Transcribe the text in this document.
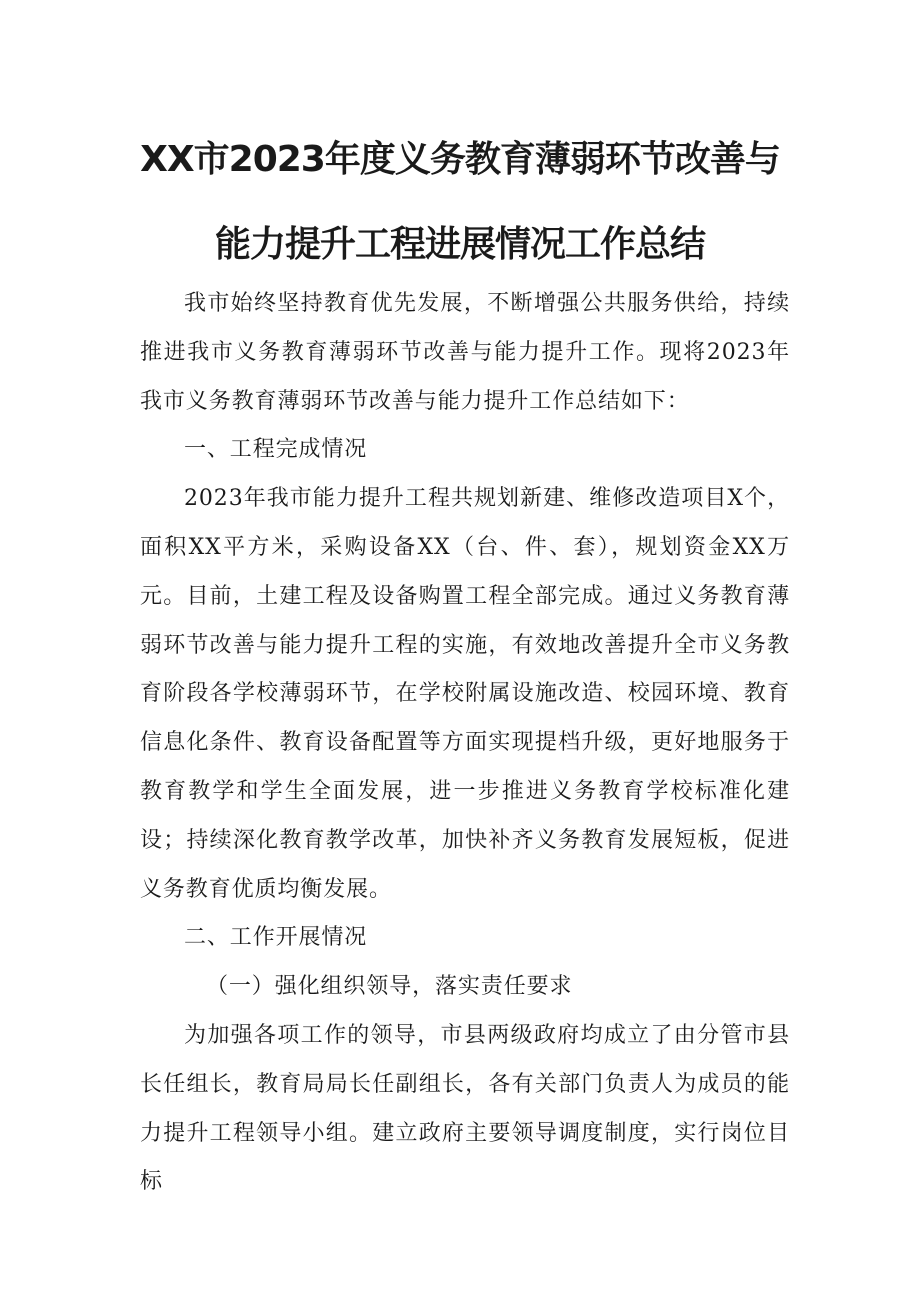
XX市2023年度义务教育薄弱环节改善与
能力提升工程进展情况工作总结

我市始终坚持教育优先发展，不断增强公共服务供给，持续推进我市义务教育薄弱环节改善与能力提升工作。现将2023年我市义务教育薄弱环节改善与能力提升工作总结如下：

一、工程完成情况

2023年我市能力提升工程共规划新建、维修改造项目X个，面积XX平方米，采购设备XX（台、件、套），规划资金XX万元。目前，土建工程及设备购置工程全部完成。通过义务教育薄弱环节改善与能力提升工程的实施，有效地改善提升全市义务教育阶段各学校薄弱环节，在学校附属设施改造、校园环境、教育信息化条件、教育设备配置等方面实现提档升级，更好地服务于教育教学和学生全面发展，进一步推进义务教育学校标准化建设；持续深化教育教学改革，加快补齐义务教育发展短板，促进义务教育优质均衡发展。

二、工作开展情况

（一）强化组织领导，落实责任要求

为加强各项工作的领导，市县两级政府均成立了由分管市县长任组长，教育局局长任副组长，各有关部门负责人为成员的能力提升工程领导小组。建立政府主要领导调度制度，实行岗位目标
